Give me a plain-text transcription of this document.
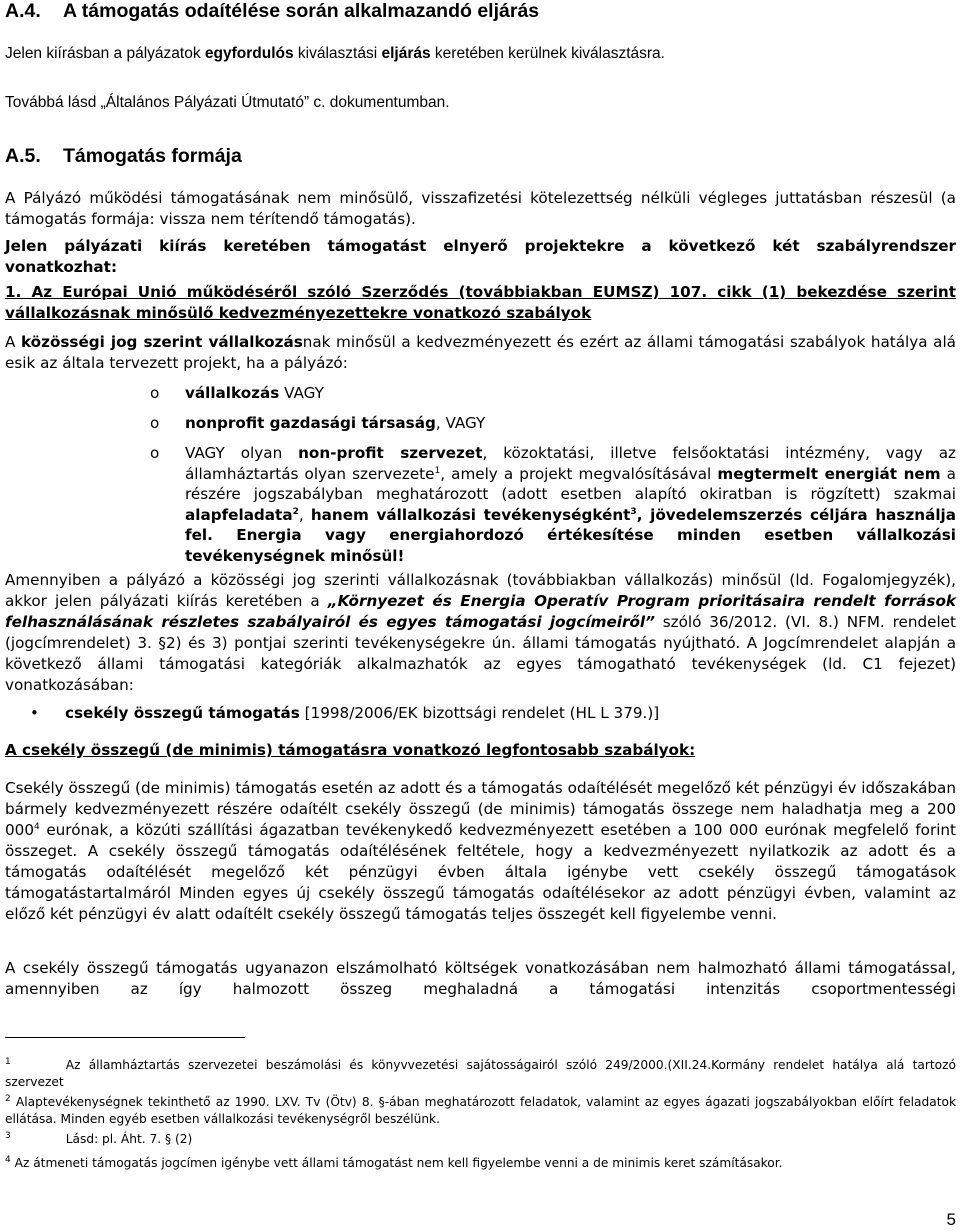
A.4. A támogatás odaítélése során alkalmazandó eljárás
Jelen kiírásban a pályázatok egyfordulós kiválasztási eljárás keretében kerülnek kiválasztásra.
Továbbá lásd „Általános Pályázati Útmutató” c. dokumentumban.
A.5. Támogatás formája
A Pályázó működési támogatásának nem minősülő, visszafizetési kötelezettség nélküli végleges juttatásban részesül (a támogatás formája: vissza nem térítendő támogatás).
Jelen pályázati kiírás keretében támogatást elnyerő projektekre a következő két szabályrendszer vonatkozhat:
1. Az Európai Unió működéséről szóló Szerződés (továbbiakban EUMSZ) 107. cikk (1) bekezdése szerint vállalkozásnak minősülő kedvezményezettekre vonatkozó szabályok
A közösségi jog szerint vállalkozásnak minősül a kedvezményezett és ezért az állami támogatási szabályok hatálya alá esik az általa tervezett projekt, ha a pályázó:
o vállalkozás VAGY
o nonprofit gazdasági társaság, VAGY
o VAGY olyan non-profit szervezet, közoktatási, illetve felsőoktatási intézmény, vagy az államháztartás olyan szervezete$^1$, amely a projekt megvalósításával megtermelt energiát nem a részére jogszabályban meghatározott (adott esetben alapító okiratban is rögzített) szakmai alapfeladata$^2$, hanem vállalkozási tevékenységként$^3$, jövedelemszerzés céljára használja fel. Energia vagy energiahordozó értékesítése minden esetben vállalkozási tevékenységnek minősül!
Amennyiben a pályázó a közösségi jog szerinti vállalkozásnak (továbbiakban vállalkozás) minősül (ld. Fogalomjegyzék), akkor jelen pályázati kiírás keretében a „Környezet és Energia Operatív Program prioritásaira rendelt források felhasználásának részletes szabályairól és egyes támogatási jogcímeiről” szóló 36/2012. (VI. 8.) NFM. rendelet (jogcímrendelet) 3. §2) és 3) pontjai szerinti tevékenységekre ún. állami támogatás nyújtható. A Jogcímrendelet alapján a következő állami támogatási kategóriák alkalmazhatók az egyes támogatható tevékenységek (ld. C1 fejezet) vonatkozásában:
• csekély összegű támogatás [1998/2006/EK bizottsági rendelet (HL L 379.)]
A csekély összegű (de minimis) támogatásra vonatkozó legfontosabb szabályok:
Csekély összegű (de minimis) támogatás esetén az adott és a támogatás odaítélését megelőző két pénzügyi év időszakában bármely kedvezményezett részére odaítélt csekély összegű (de minimis) támogatás összege nem haladhatja meg a 200 $000^4$ eurónak, a közúti szállítási ágazatban tevékenykedő kedvezményezett esetében a 100 000 eurónak megfelelő forint összeget. A csekély összegű támogatás odaítélésének feltétele, hogy a kedvezményezett nyilatkozik az adott és a támogatás odaítélését megelőző két pénzügyi évben általa igénybe vett csekély összegű támogatások támogatástartalmáról Minden egyes új csekély összegű támogatás odaítélésekor az adott pénzügyi évben, valamint az előző két pénzügyi év alatt odaítélt csekély összegű támogatás teljes összegét kell figyelembe venni.
A csekély összegű támogatás ugyanazon elszámolható költségek vonatkozásában nem halmozható állami támogatással, amennyiben az így halmozott összeg meghaladná a támogatási intenzitás csoportmentességi
$^1$	Az államháztartás szervezetei beszámolási és könyvvezetési sajátosságairól szóló 249/2000.(XII.24.Kormány rendelet hatálya alá tartozó szervezet
$^2$ Alaptevékenységnek tekinthető az 1990. LXV. Tv (Ötv) 8. §-ában meghatározott feladatok, valamint az egyes ágazati jogszabályokban előírt feladatok ellátása. Minden egyéb esetben vállalkozási tevékenységről beszélünk.
$^3$	Lásd: pl. Áht. 7. § (2)
$^4$ Az átmeneti támogatás jogcímen igénybe vett állami támogatást nem kell figyelembe venni a de minimis keret számításakor.
5
